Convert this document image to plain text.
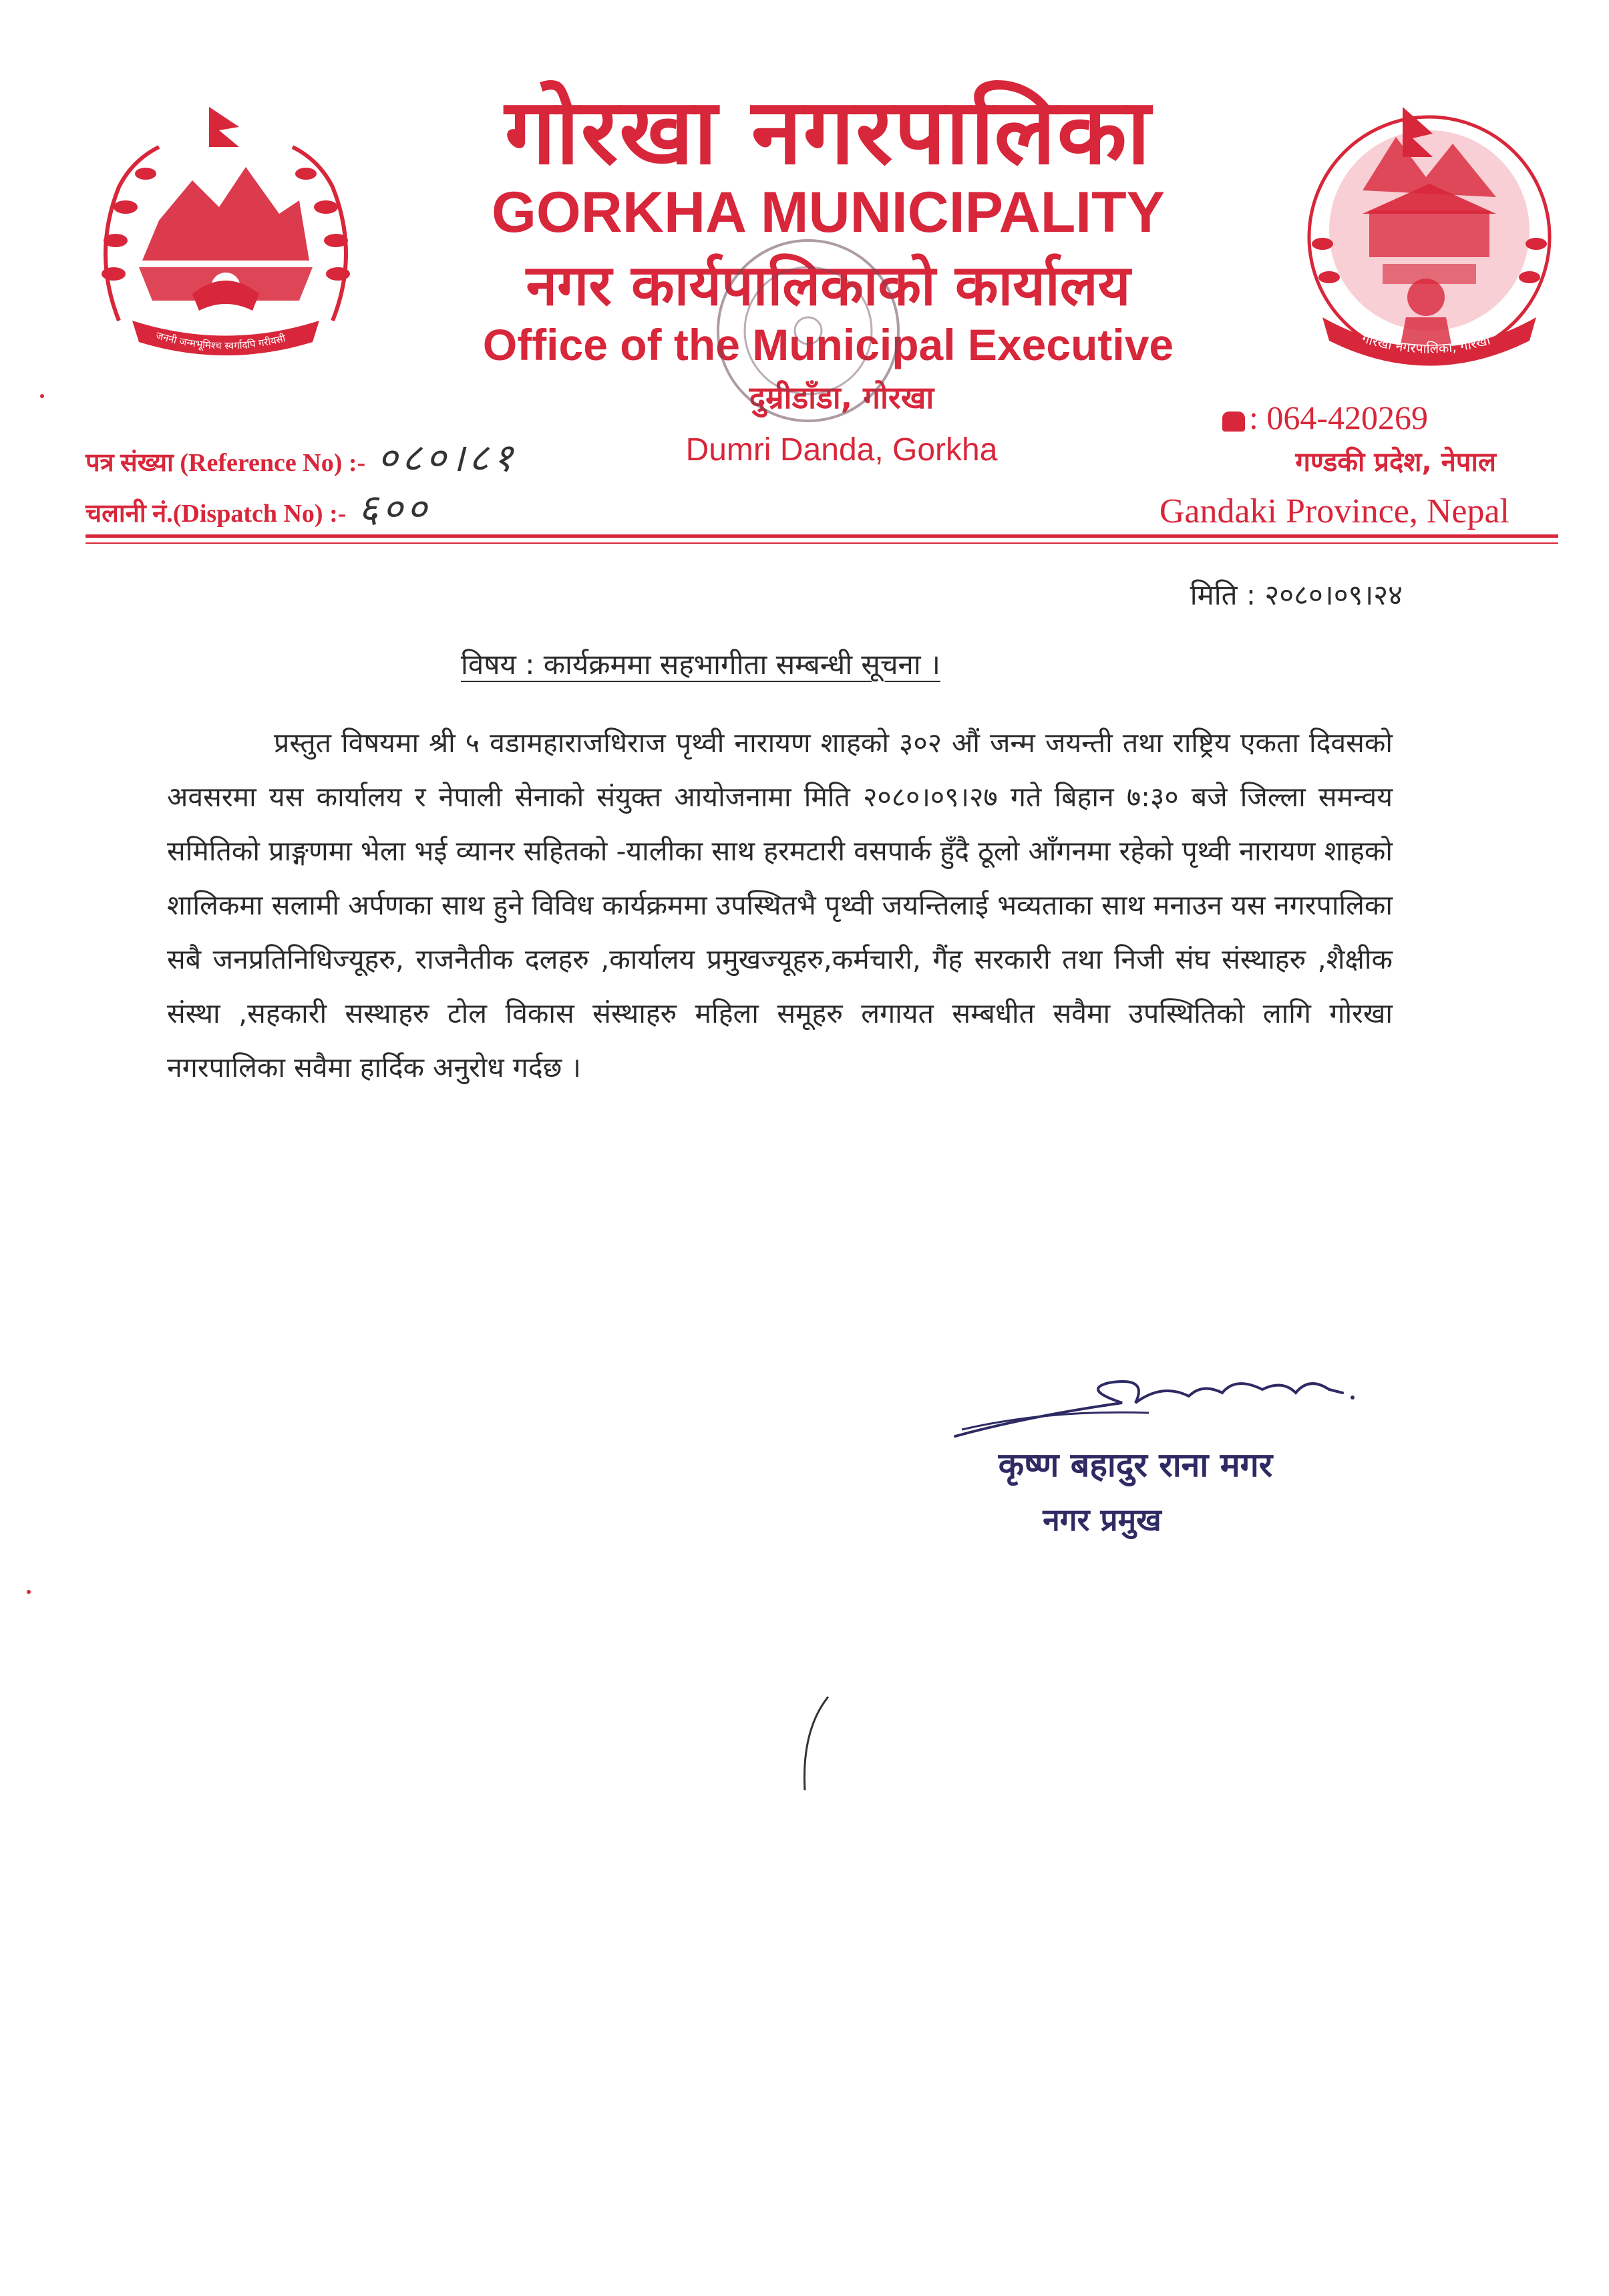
जननी जन्मभूमिश्च स्वर्गादपि गरीयसी	गोरखा नगरपालिका, गोरखा
गोरखा नगरपालिका
GORKHA MUNICIPALITY
नगर कार्यपालिकाको कार्यालय
Office of the Municipal Executive
दुम्रीडाँडा, गोरखा
Dumri Danda, Gorkha
: 064-420269
गण्डकी प्रदेश, नेपाल
Gandaki Province, Nepal
पत्र संख्या (Reference No) :- ०८०।८१
चलानी नं.(Dispatch No) :- ६००
मिति : २०८०।०९।२४
विषय : कार्यक्रममा सहभागीता सम्बन्धी सूचना ।
प्रस्तुत विषयमा श्री ५ वडामहाराजधिराज पृथ्वी नारायण शाहको ३०२ औं जन्म जयन्ती तथा राष्ट्रिय एकता दिवसको अवसरमा यस कार्यालय र नेपाली सेनाको संयुक्त आयोजनामा मिति २०८०।०९।२७ गते बिहान ७:३० बजे जिल्ला समन्वय समितिको प्राङ्गणमा भेला भई व्यानर सहितको -यालीका साथ हरमटारी वसपार्क हुँदै ठूलो आँगनमा रहेको पृथ्वी नारायण शाहको शालिकमा सलामी अर्पणका साथ हुने विविध कार्यक्रममा उपस्थितभै पृथ्वी जयन्तिलाई भव्यताका साथ मनाउन यस नगरपालिका सबै जनप्रतिनिधिज्यूहरु, राजनैतीक दलहरु ,कार्यालय प्रमुखज्यूहरु,कर्मचारी, गैंह सरकारी तथा निजी संघ संस्थाहरु ,शैक्षीक संस्था ,सहकारी सस्थाहरु टोल विकास संस्थाहरु महिला समूहरु लगायत सम्बधीत सवैमा उपस्थितिको लागि गोरखा नगरपालिका सवैमा हार्दिक अनुरोध गर्दछ ।
कृष्ण बहादुर राना मगर
नगर प्रमुख
